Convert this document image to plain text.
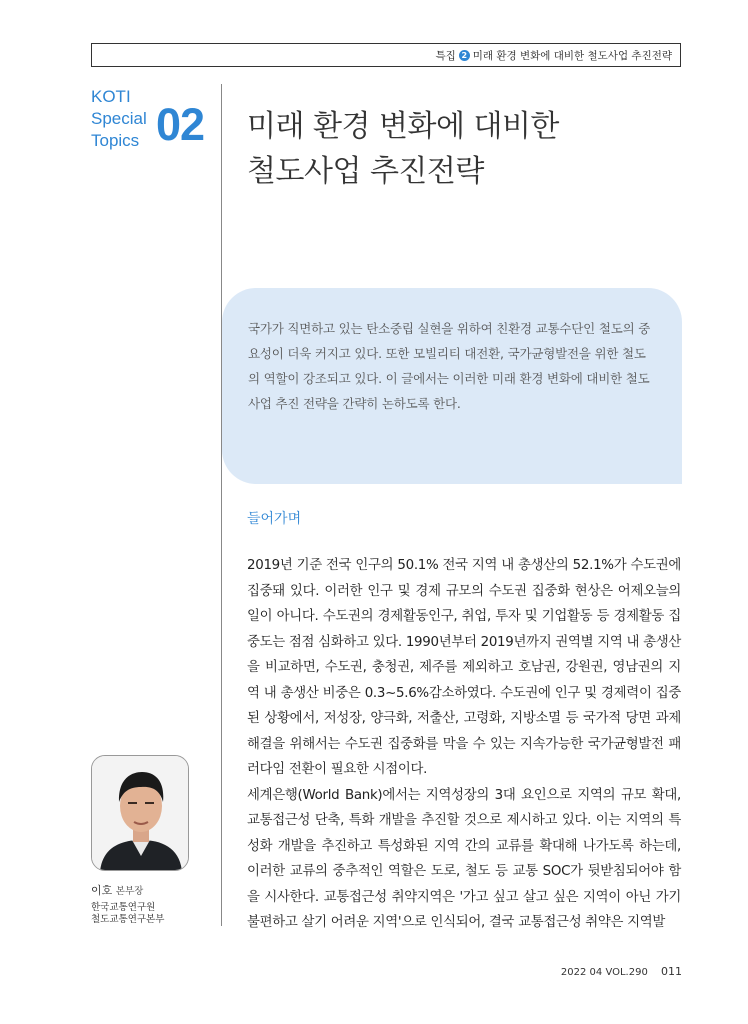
특집 2 미래 환경 변화에 대비한 철도사업 추진전략
KOTI
Special
Topics 02 미래 환경 변화에 대비한
철도사업 추진전략
국가가 직면하고 있는 탄소중립 실현을 위하여 친환경 교통수단인 철도의 중요성이 더욱 커지고 있다. 또한 모빌리티 대전환, 국가균형발전을 위한 철도의 역할이 강조되고 있다. 이 글에서는 이러한 미래 환경 변화에 대비한 철도사업 추진 전략을 간략히 논하도록 한다.
들어가며

2019년 기준 전국 인구의 50.1% 전국 지역 내 총생산의 52.1%가 수도권에 집중돼 있다. 이러한 인구 및 경제 규모의 수도권 집중화 현상은 어제오늘의 일이 아니다. 수도권의 경제활동인구, 취업, 투자 및 기업활동 등 경제활동 집중도는 점점 심화하고 있다. 1990년부터 2019년까지 권역별 지역 내 총생산을 비교하면, 수도권, 충청권, 제주를 제외하고 호남권, 강원권, 영남권의 지역 내 총생산 비중은 0.3~5.6%감소하였다. 수도권에 인구 및 경제력이 집중된 상황에서, 저성장, 양극화, 저출산, 고령화, 지방소멸 등 국가적 당면 과제 해결을 위해서는 수도권 집중화를 막을 수 있는 지속가능한 국가균형발전 패러다임 전환이 필요한 시점이다.

세계은행(World Bank)에서는 지역성장의 3대 요인으로 지역의 규모 확대, 교통접근성 단축, 특화 개발을 추진할 것으로 제시하고 있다. 이는 지역의 특성화 개발을 추진하고 특성화된 지역 간의 교류를 확대해 나가도록 하는데, 이러한 교류의 중추적인 역할은 도로, 철도 등 교통 SOC가 뒷받침되어야 함을 시사한다. 교통접근성 취약지역은 '가고 싶고 살고 싶은 지역이 아닌 가기 불편하고 살기 어려운 지역'으로 인식되어, 결국 교통접근성 취약은 지역발

이호 본부장
한국교통연구원
철도교통연구본부
2022 04 VOL.290 011
